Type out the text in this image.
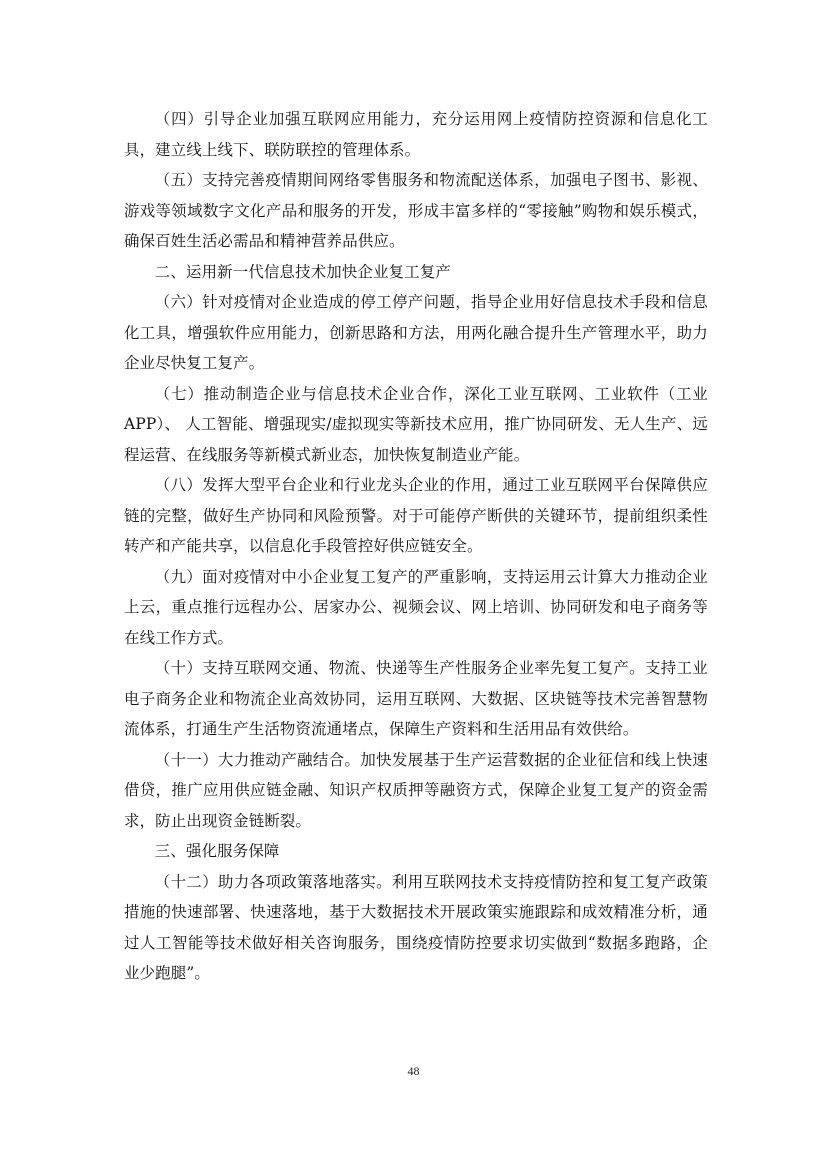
（四）引导企业加强互联网应用能力，充分运用网上疫情防控资源和信息化工具，建立线上线下、联防联控的管理体系。

（五）支持完善疫情期间网络零售服务和物流配送体系，加强电子图书、影视、游戏等领域数字文化产品和服务的开发，形成丰富多样的“零接触”购物和娱乐模式，确保百姓生活必需品和精神营养品供应。

二、运用新一代信息技术加快企业复工复产

（六）针对疫情对企业造成的停工停产问题，指导企业用好信息技术手段和信息化工具，增强软件应用能力，创新思路和方法，用两化融合提升生产管理水平，助力企业尽快复工复产。

（七）推动制造企业与信息技术企业合作，深化工业互联网、工业软件（工业APP）、 人工智能、增强现实/虚拟现实等新技术应用，推广协同研发、无人生产、远程运营、在线服务等新模式新业态，加快恢复制造业产能。

（八）发挥大型平台企业和行业龙头企业的作用，通过工业互联网平台保障供应链的完整，做好生产协同和风险预警。对于可能停产断供的关键环节，提前组织柔性转产和产能共享，以信息化手段管控好供应链安全。

（九）面对疫情对中小企业复工复产的严重影响，支持运用云计算大力推动企业上云，重点推行远程办公、居家办公、视频会议、网上培训、协同研发和电子商务等在线工作方式。

（十）支持互联网交通、物流、快递等生产性服务企业率先复工复产。支持工业电子商务企业和物流企业高效协同，运用互联网、大数据、区块链等技术完善智慧物流体系，打通生产生活物资流通堵点，保障生产资料和生活用品有效供给。

（十一）大力推动产融结合。加快发展基于生产运营数据的企业征信和线上快速借贷，推广应用供应链金融、知识产权质押等融资方式，保障企业复工复产的资金需求，防止出现资金链断裂。

三、强化服务保障

（十二）助力各项政策落地落实。利用互联网技术支持疫情防控和复工复产政策措施的快速部署、快速落地，基于大数据技术开展政策实施跟踪和成效精准分析，通过人工智能等技术做好相关咨询服务，围绕疫情防控要求切实做到“数据多跑路，企业少跑腿”。

48
